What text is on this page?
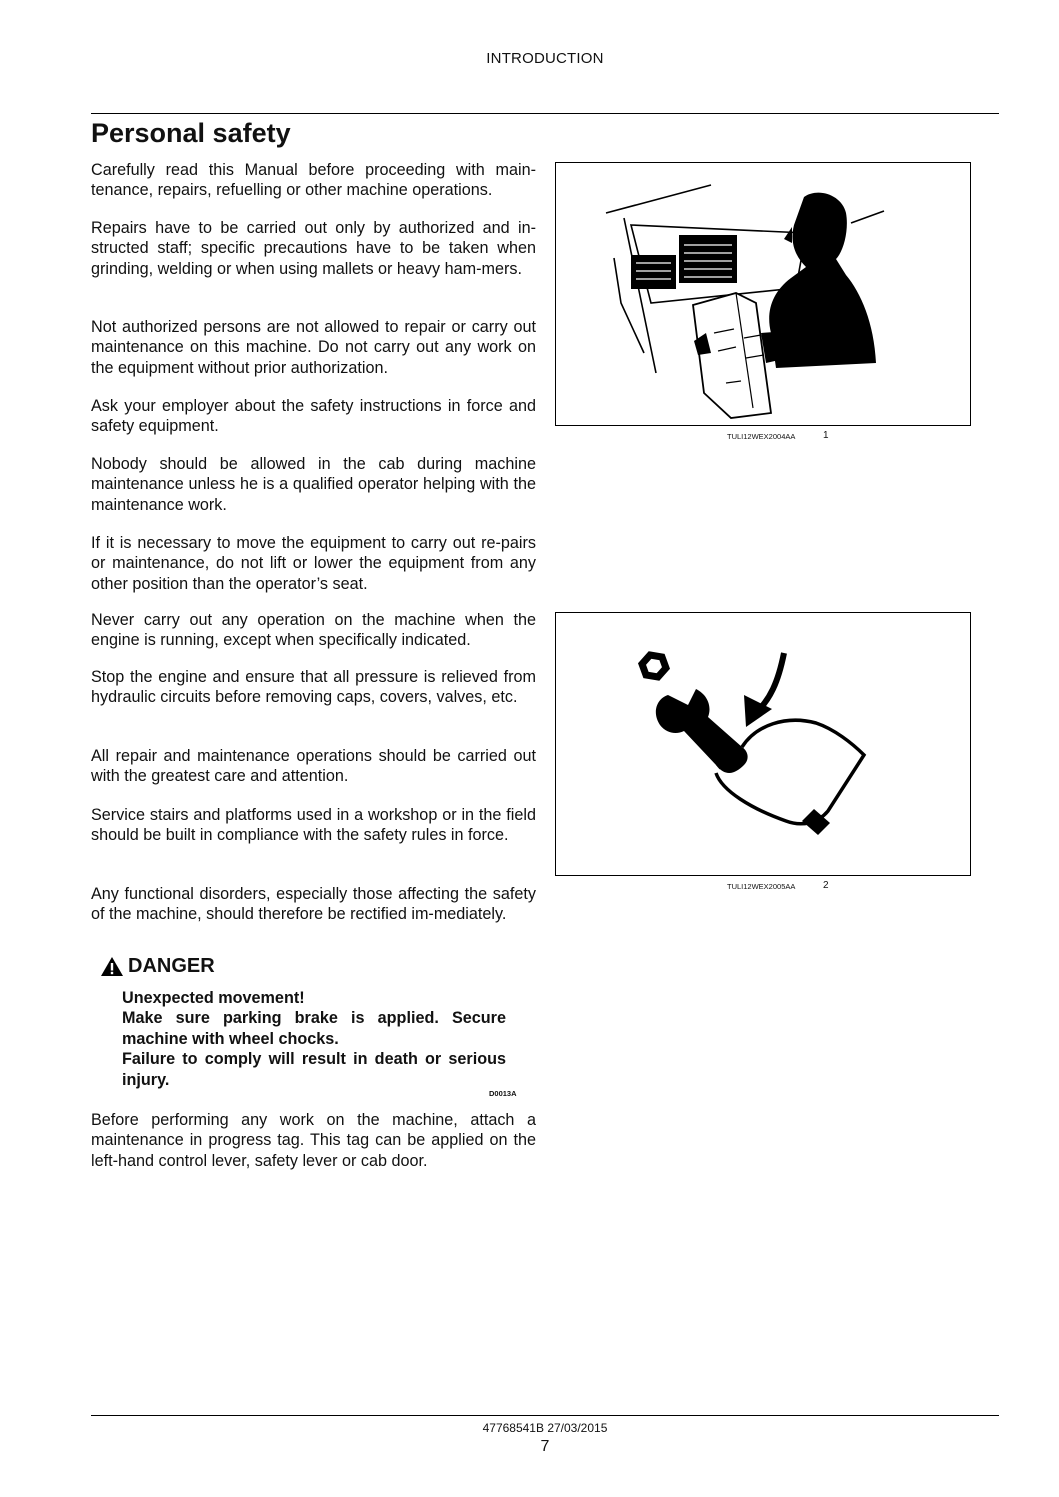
INTRODUCTION
Personal safety

Carefully read this Manual before proceeding with main-tenance, repairs, refuelling or other machine operations.

Repairs have to be carried out only by authorized and in-structed staff; specific precautions have to be taken when grinding, welding or when using mallets or heavy ham-mers.

Not authorized persons are not allowed to repair or carry out maintenance on this machine. Do not carry out any work on the equipment without prior authorization.

Ask your employer about the safety instructions in force and safety equipment.

Nobody should be allowed in the cab during machine maintenance unless he is a qualified operator helping with the maintenance work.

If it is necessary to move the equipment to carry out re-pairs or maintenance, do not lift or lower the equipment from any other position than the operator’s seat.

Never carry out any operation on the machine when the engine is running, except when specifically indicated.

Stop the engine and ensure that all pressure is relieved from hydraulic circuits before removing caps, covers, valves, etc.

All repair and maintenance operations should be carried out with the greatest care and attention.

Service stairs and platforms used in a workshop or in the field should be built in compliance with the safety rules in force.

Any functional disorders, especially those affecting the safety of the machine, should therefore be rectified im-mediately.

DANGER
Unexpected movement!
Make sure parking brake is applied. Secure machine with wheel chocks.
Failure to comply will result in death or serious injury.
D0013A

Before performing any work on the machine, attach a maintenance in progress tag. This tag can be applied on the left-hand control lever, safety lever or cab door.

TULI12WEX2004AA	1
TULI12WEX2005AA	2
47768541B 27/03/2015
7
